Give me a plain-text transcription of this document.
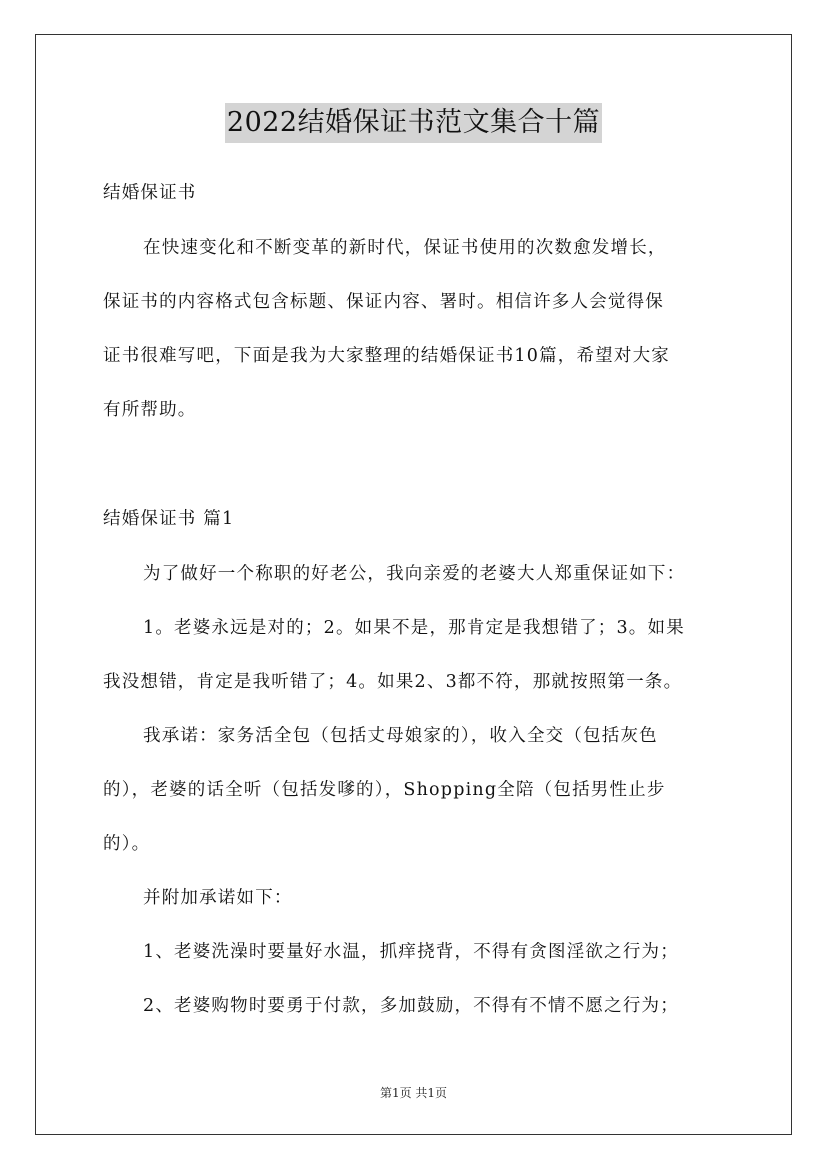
2022结婚保证书范文集合十篇
结婚保证书
在快速变化和不断变革的新时代，保证书使用的次数愈发增长，
保证书的内容格式包含标题、保证内容、署时。相信许多人会觉得保
证书很难写吧，下面是我为大家整理的结婚保证书10篇，希望对大家
有所帮助。
结婚保证书 篇1
为了做好一个称职的好老公，我向亲爱的老婆大人郑重保证如下：
1。老婆永远是对的；2。如果不是，那肯定是我想错了；3。如果
我没想错，肯定是我听错了；4。如果2、3都不符，那就按照第一条。
我承诺：家务活全包（包括丈母娘家的），收入全交（包括灰色
的），老婆的话全听（包括发嗲的），Shopping全陪（包括男性止步
的）。
并附加承诺如下：
1、老婆洗澡时要量好水温，抓痒挠背，不得有贪图淫欲之行为；
2、老婆购物时要勇于付款，多加鼓励，不得有不情不愿之行为；
第1页 共1页
